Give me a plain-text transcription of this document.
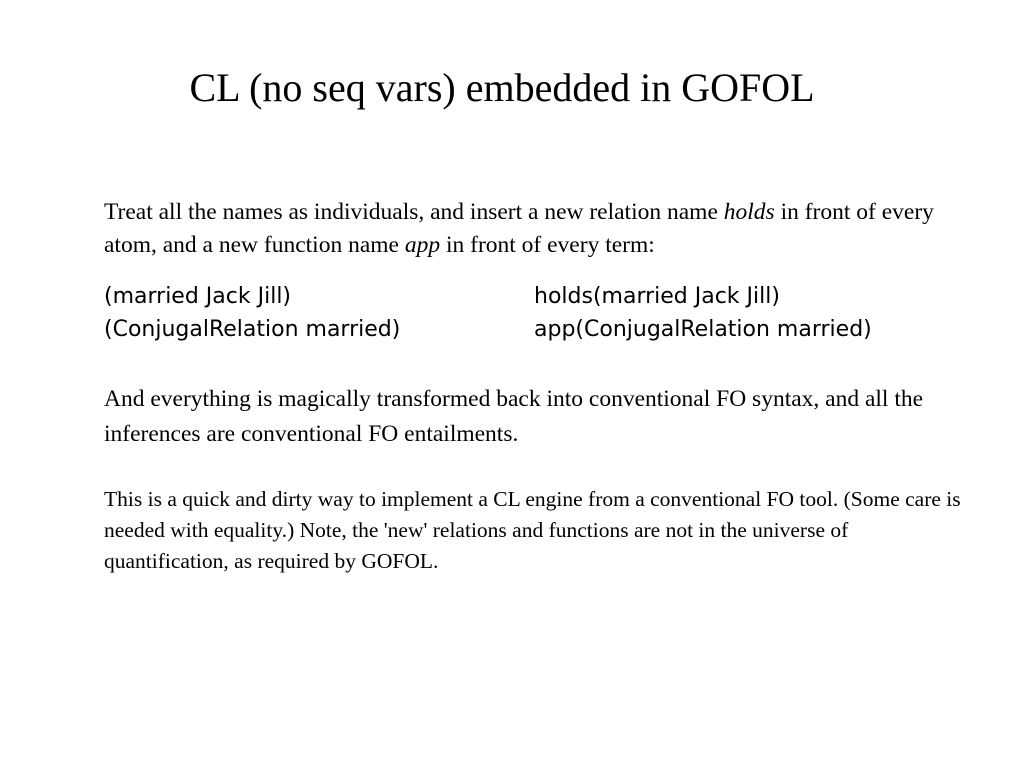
CL (no seq vars) embedded in GOFOL

Treat all the names as individuals, and insert a new relation name holds in front of every atom, and a new function name app in front of every term:

(married Jack Jill)	holds(married Jack Jill)
(ConjugalRelation married)	app(ConjugalRelation married)

And everything is magically transformed back into conventional FO syntax, and all the inferences are conventional FO entailments.

This is a quick and dirty way to implement a CL engine from a conventional FO tool. (Some care is needed with equality.) Note, the 'new' relations and functions are not in the universe of quantification, as required by GOFOL.
